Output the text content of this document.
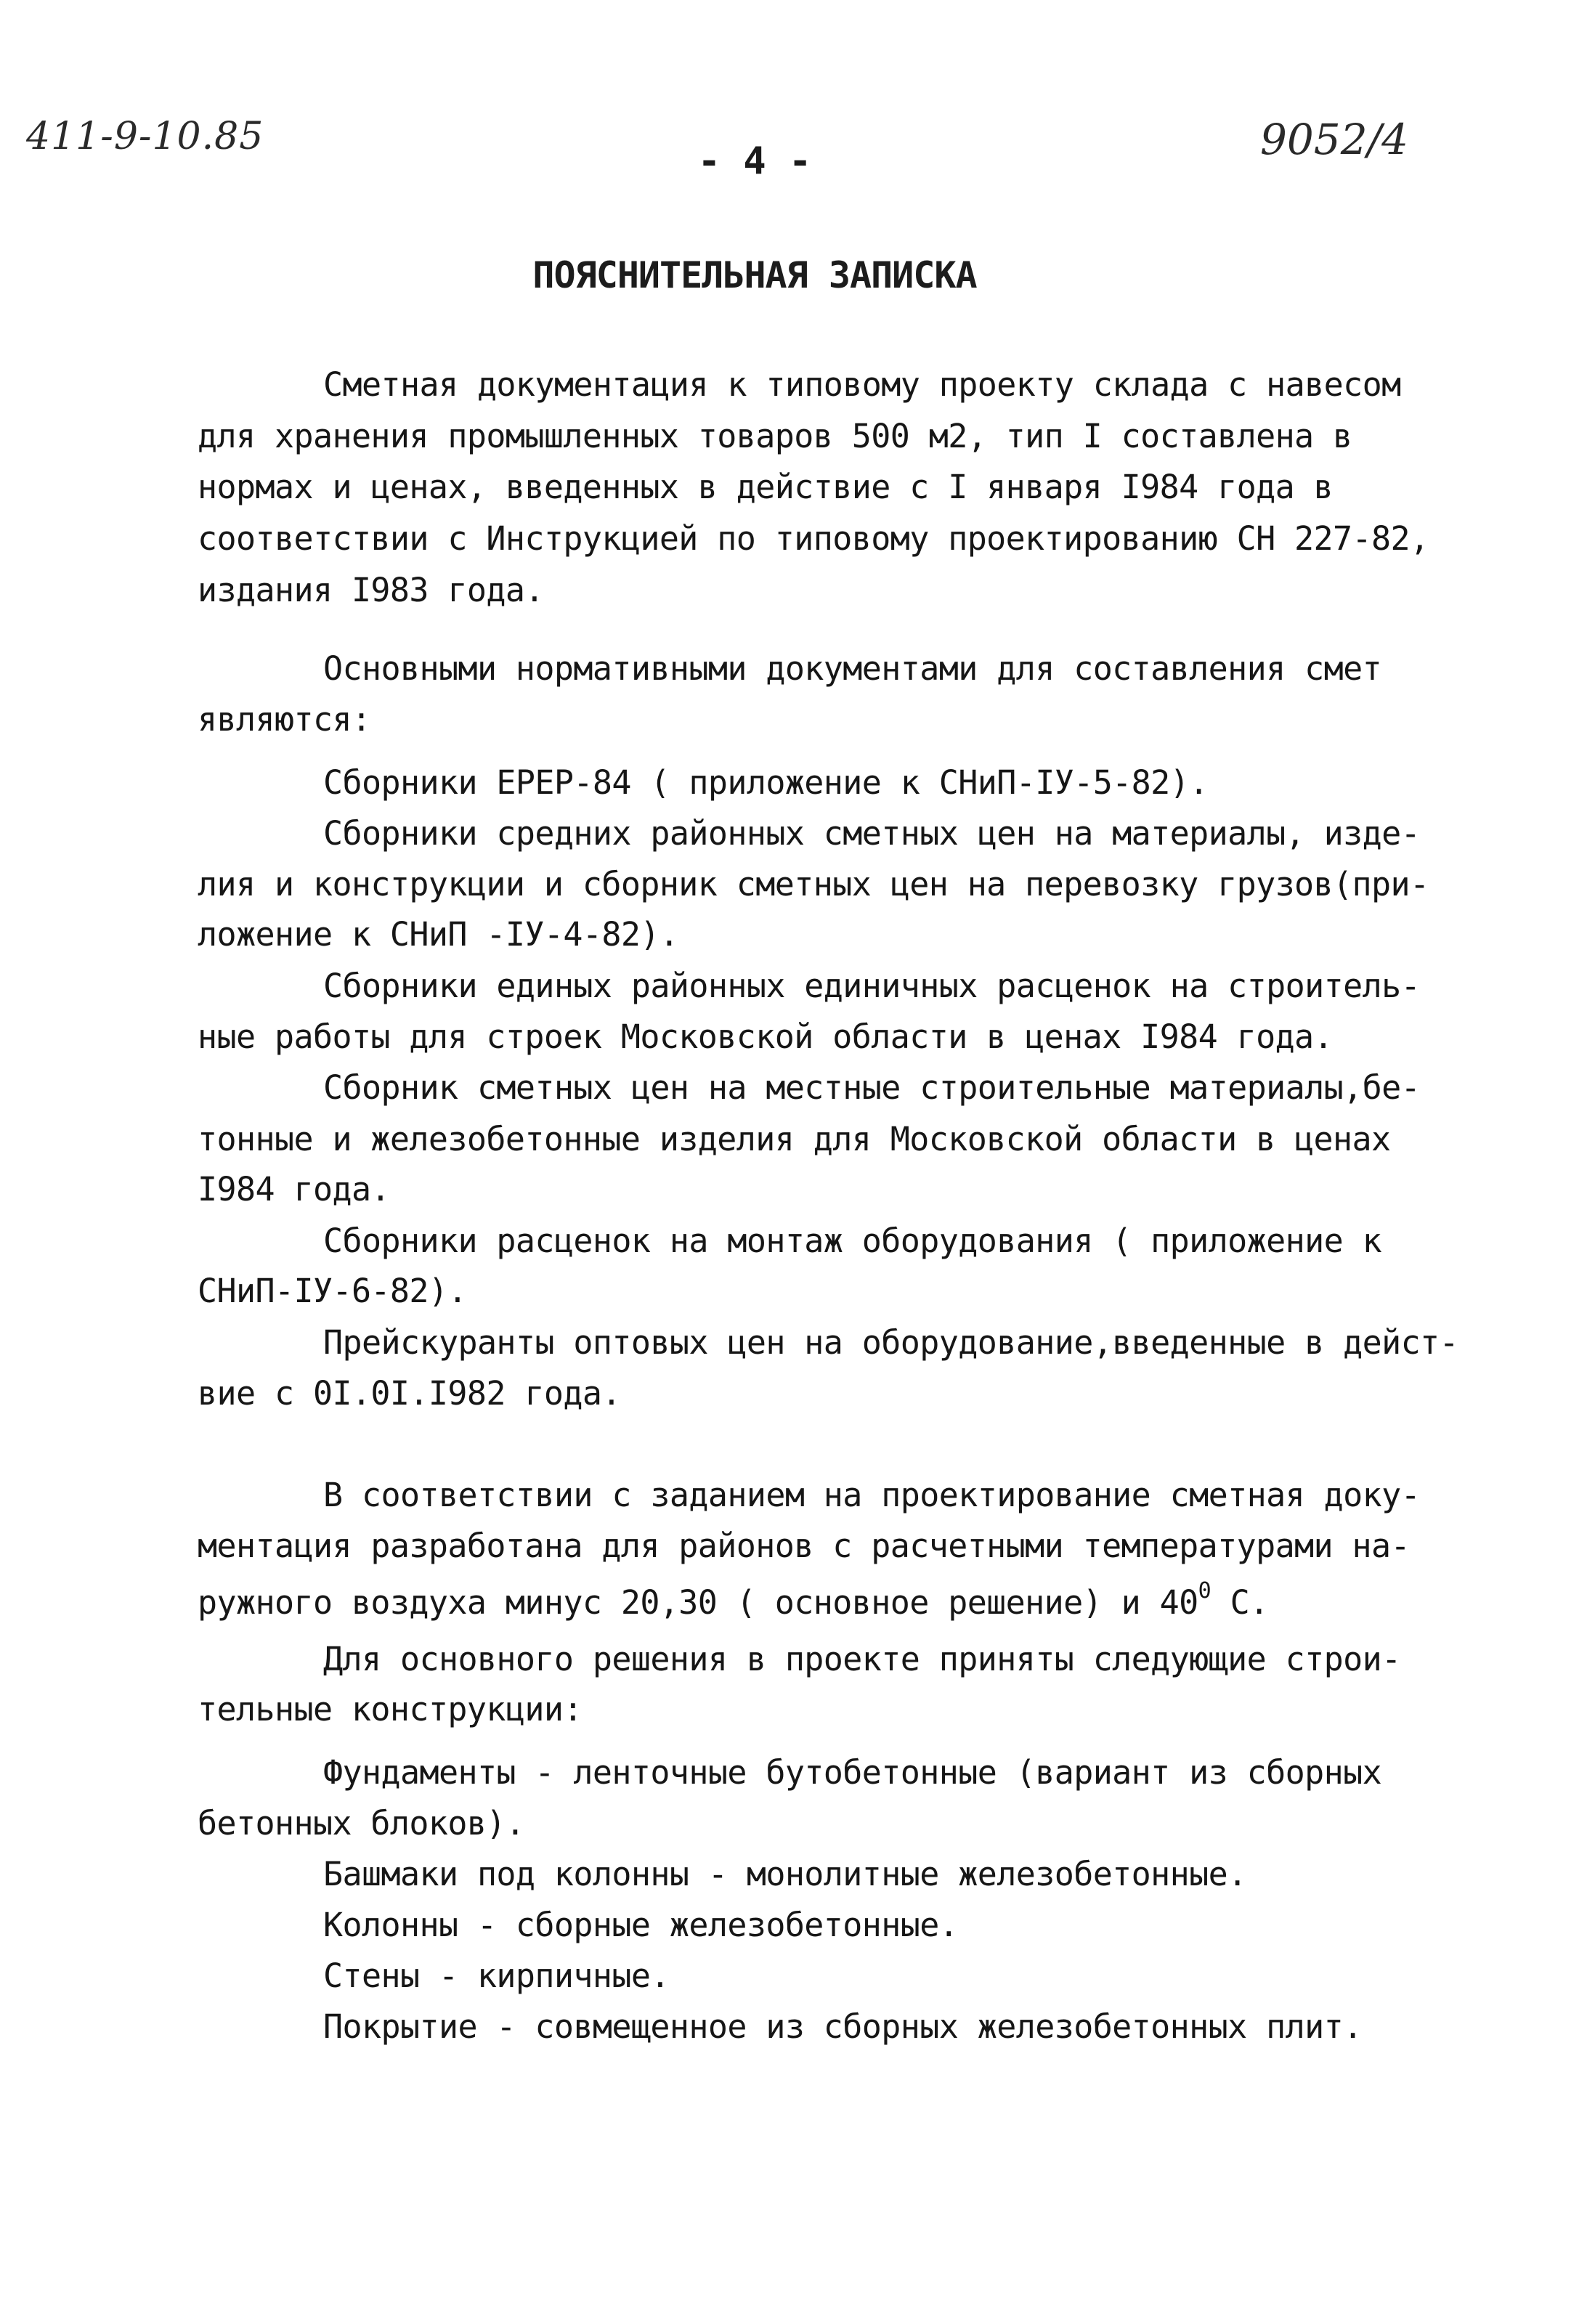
411-9-10.85
- 4 -	9052/4
ПОЯСНИТЕЛЬНАЯ ЗАПИСКА
Сметная документация к типовому проекту склада с навесом
для хранения промышленных товаров 500 м2, тип I составлена в
нормах и ценах, введенных в действие с I января I984 года в
соответствии с Инструкцией по типовому проектированию СН 227-82,
издания I983 года.
Основными нормативными документами для составления смет
являются:
Сборники ЕРЕР-84 ( приложение к СНиП-IУ-5-82).
Сборники средних районных сметных цен на материалы, изде-
лия и конструкции и сборник сметных цен на перевозку грузов(при-
ложение к СНиП -IУ-4-82).
Сборники единых районных единичных расценок на строитель-
ные работы для строек Московской области в ценах I984 года.
Сборник сметных цен на местные строительные материалы,бе-
тонные и железобетонные изделия для Московской области в ценах
I984 года.
Сборники расценок на монтаж оборудования ( приложение к
СНиП-IУ-6-82).
Прейскуранты оптовых цен на оборудование,введенные в дейст-
вие с 0I.0I.I982 года.
В соответствии с заданием на проектирование сметная доку-
ментация разработана для районов с расчетными температурами на-
ружного воздуха минус 20,30 ( основное решение) и $40^0$ С.
Для основного решения в проекте приняты следующие строи-
тельные конструкции:
Фундаменты - ленточные бутобетонные (вариант из сборных
бетонных блоков).
Башмаки под колонны - монолитные железобетонные.
Колонны - сборные железобетонные.
Стены - кирпичные.
Покрытие - совмещенное из сборных железобетонных плит.
